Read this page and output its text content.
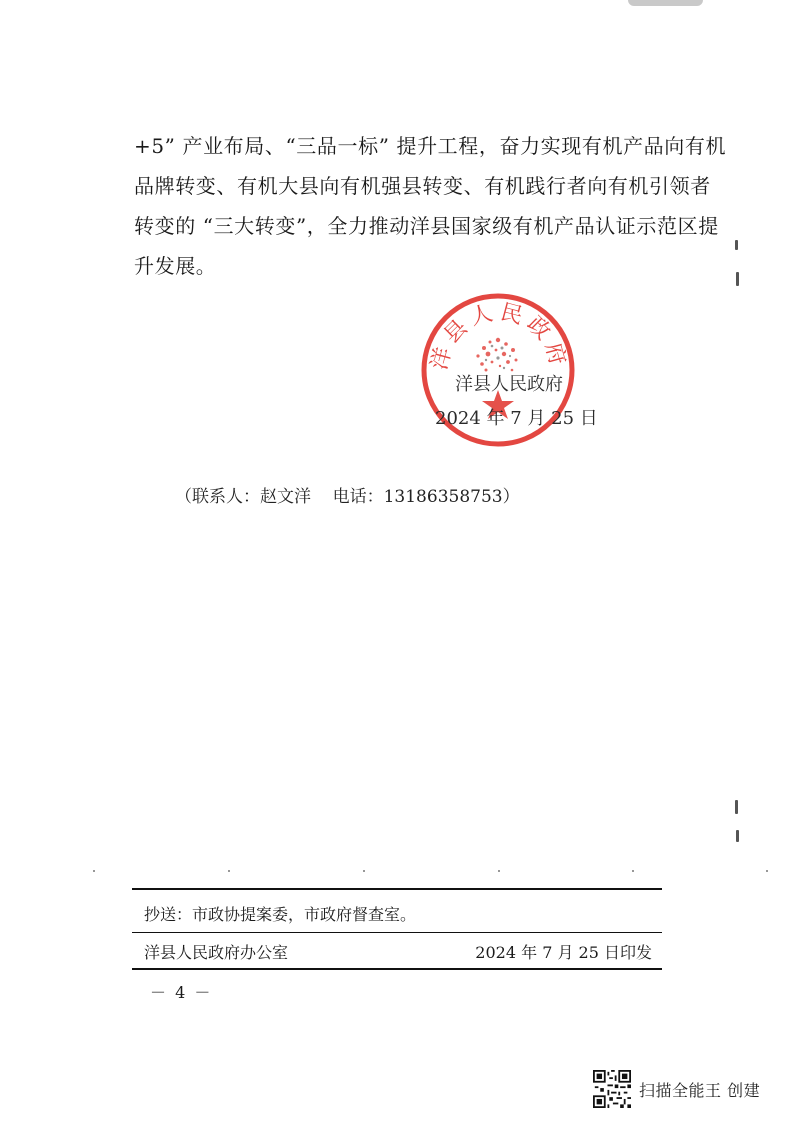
+5” 产业布局、“三品一标” 提升工程，奋力实现有机产品向有机
品牌转变、有机大县向有机强县转变、有机践行者向有机引领者
转变的 “三大转变”，全力推动洋县国家级有机产品认证示范区提
升发展。
洋县人民政府
洋县人民政府
2024 年 7 月 25 日
（联系人：赵文洋    电话：13186358753）
抄送：市政协提案委，市政府督查室。
洋县人民政府办公室	2024 年 7 月 25 日印发
－ 4 －
扫描全能王 创建
